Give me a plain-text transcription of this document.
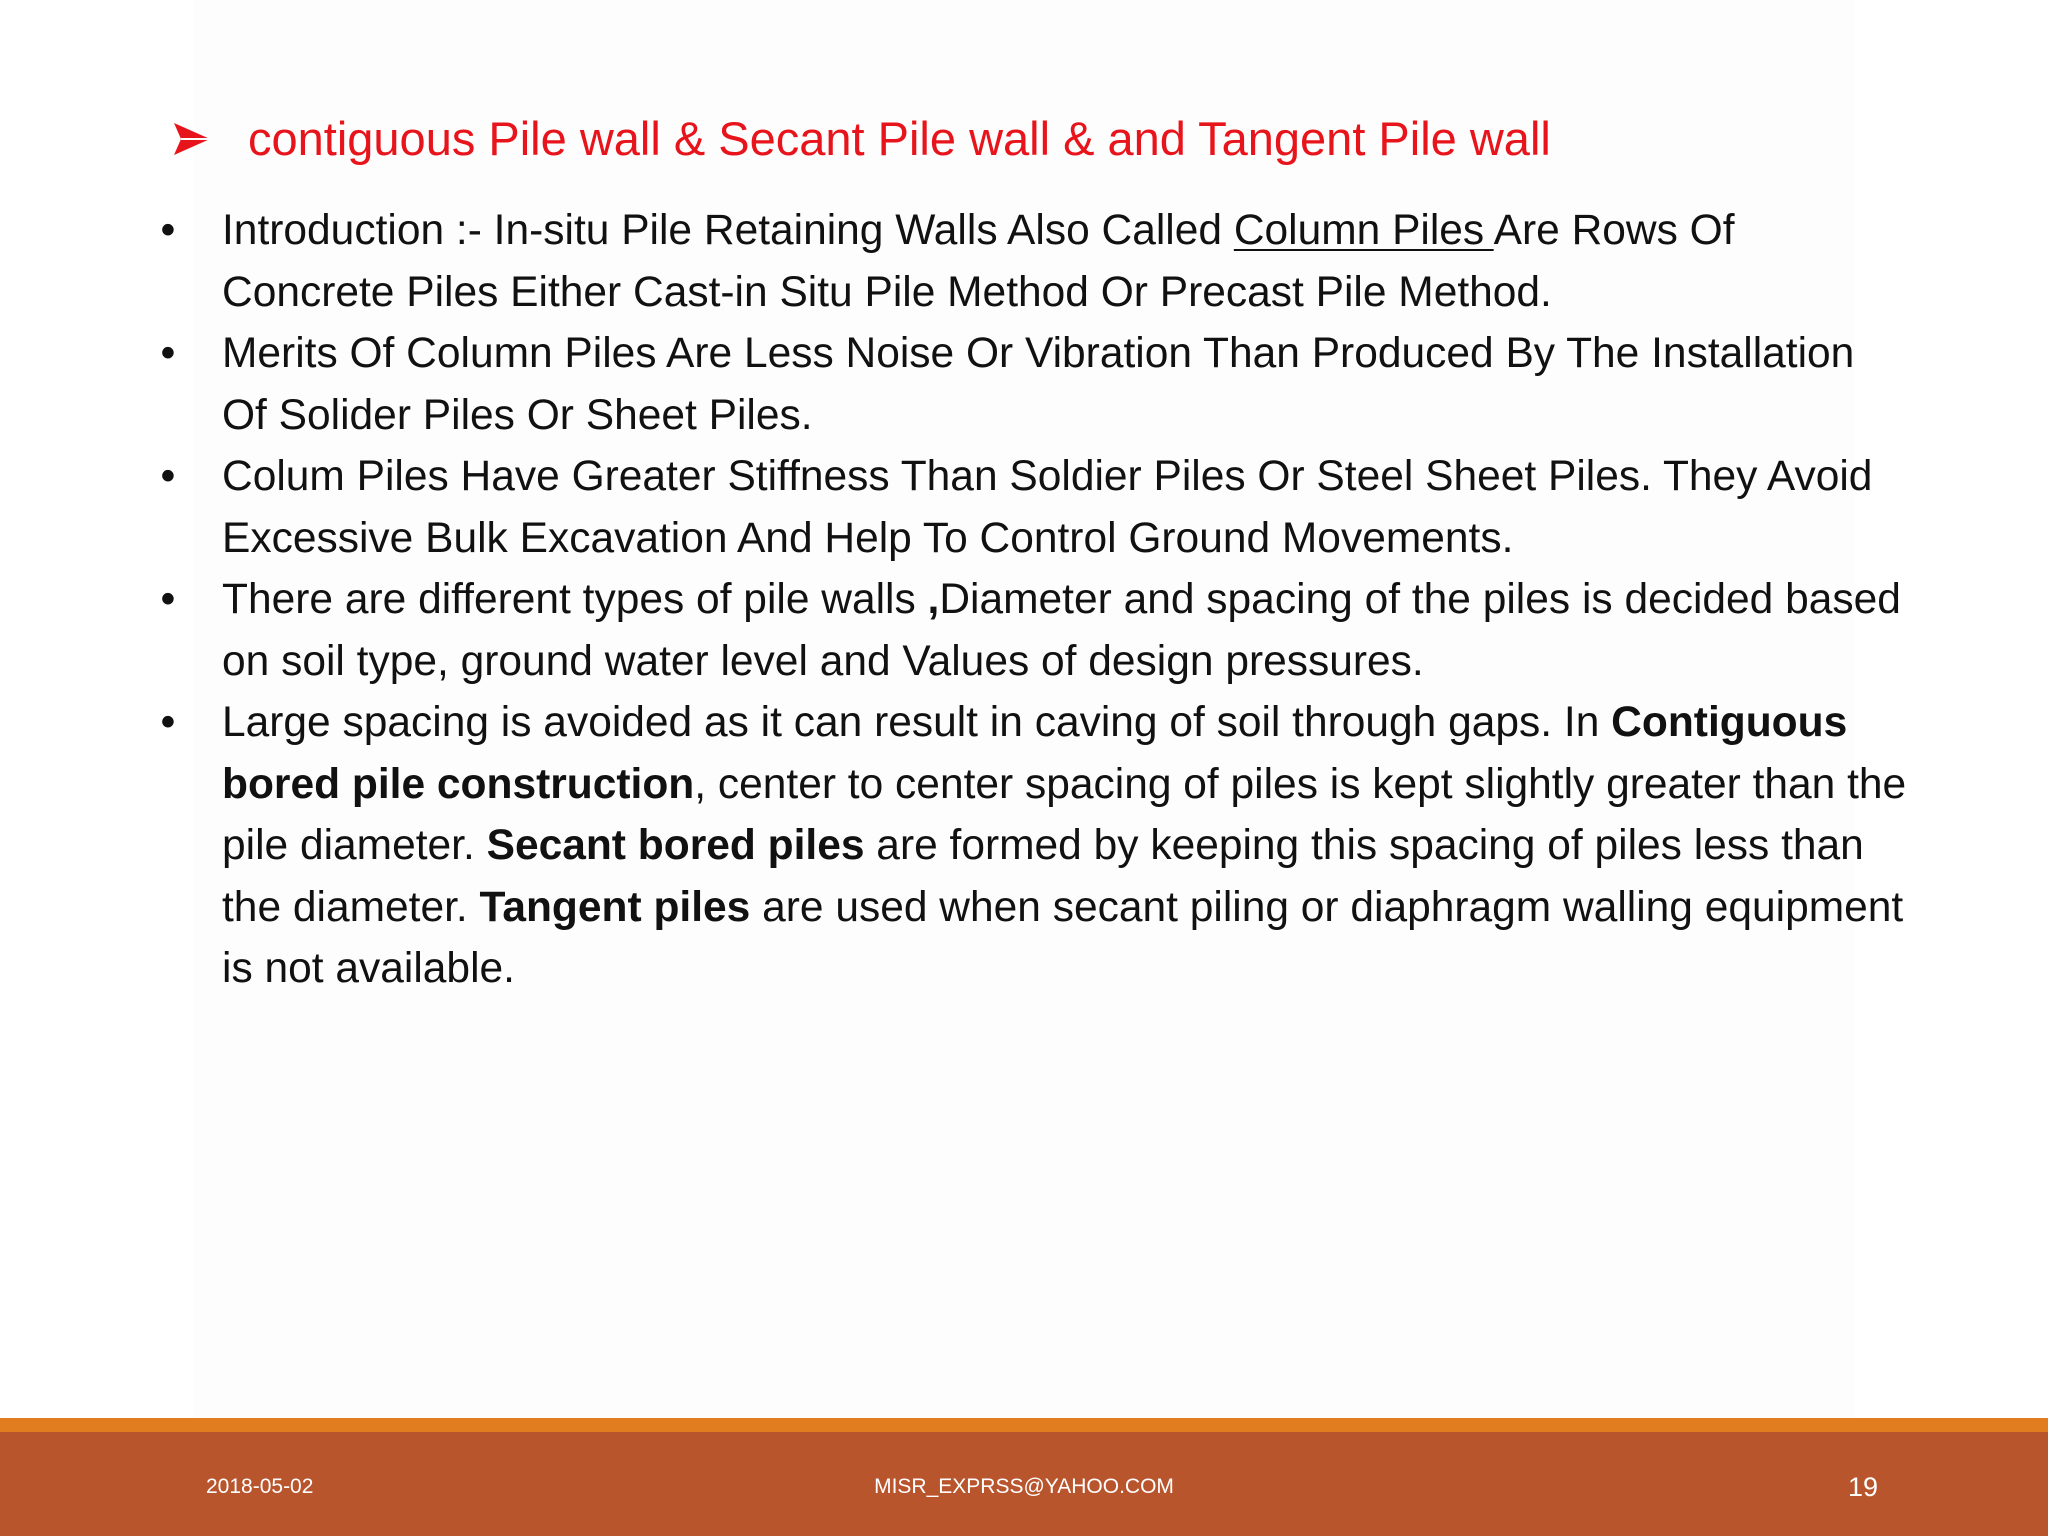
contiguous Pile wall & Secant Pile wall & and Tangent Pile wall
• Introduction :- In-situ Pile Retaining Walls Also Called Column Piles Are Rows Of Concrete Piles Either Cast-in Situ Pile Method Or Precast Pile Method.
• Merits Of Column Piles Are Less Noise Or Vibration Than Produced By The Installation Of Solider Piles Or Sheet Piles.
• Colum Piles Have Greater Stiffness Than Soldier Piles Or Steel Sheet Piles. They Avoid Excessive Bulk Excavation And Help To Control Ground Movements.
• There are different types of pile walls ,Diameter and spacing of the piles is decided based on soil type, ground water level and Values of design pressures.
• Large spacing is avoided as it can result in caving of soil through gaps. In Contiguous bored pile construction, center to center spacing of piles is kept slightly greater than the pile diameter. Secant bored piles are formed by keeping this spacing of piles less than the diameter. Tangent piles are used when secant piling or diaphragm walling equipment is not available.
2018-05-02	MISR_EXPRSS@YAHOO.COM	19
